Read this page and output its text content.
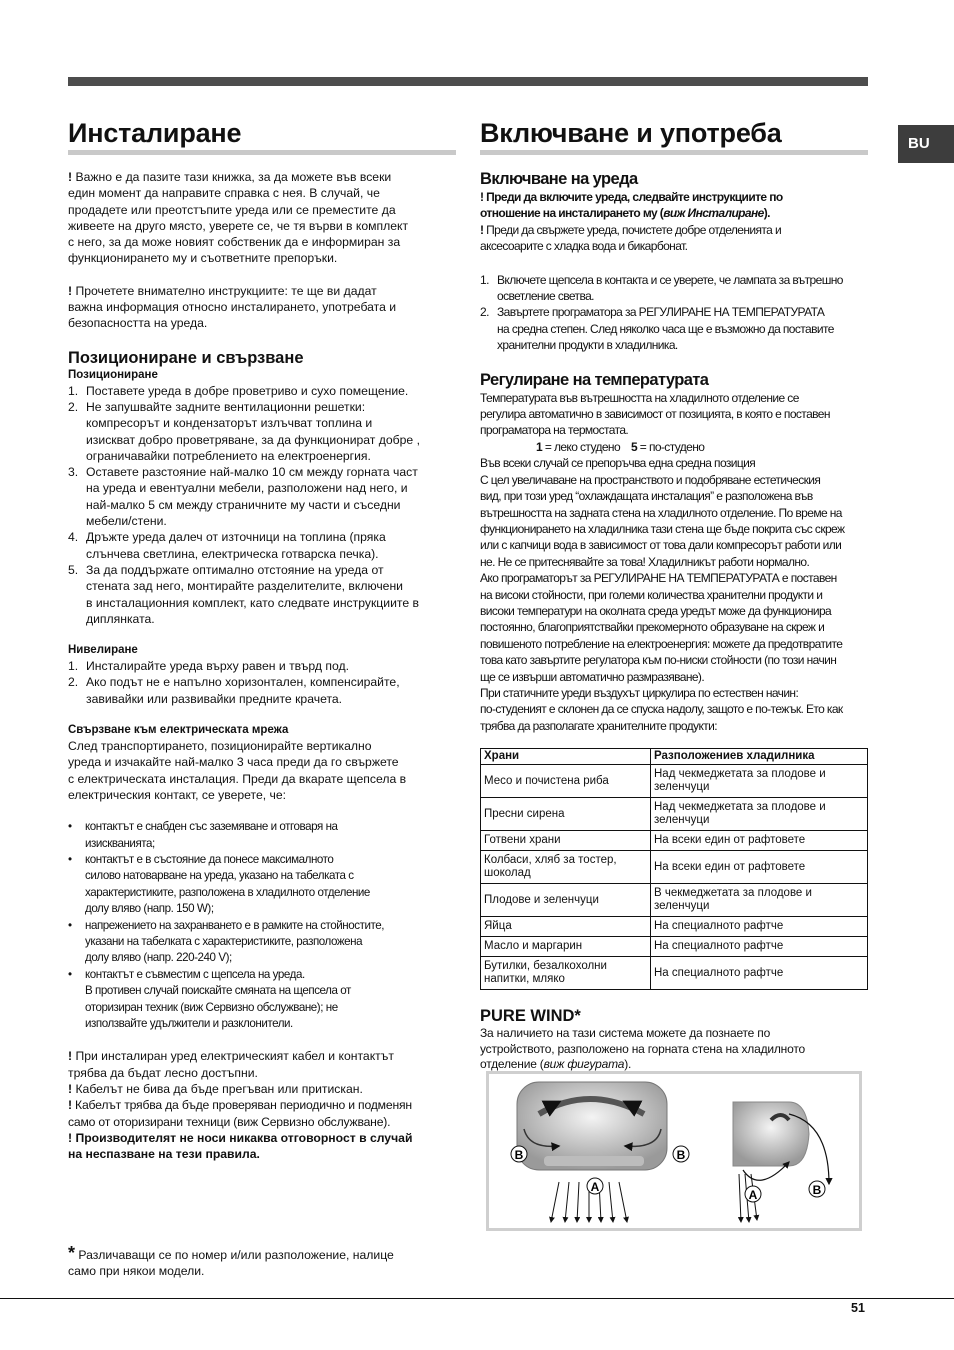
BU
Инсталиране

! Важно е да пазите тази книжка, за да можете във всеки
един момент да направите справка с нея. В случай, че
продадете или преотстъпите уреда или се преместите да
живеете на друго място, уверете се, че тя върви в комплект
с него, за да може новият собственик да е информиран за
функционирането му и съответните препоръки.

! Прочетете внимателно инструкциите: те ще ви дадат
важна информация относно инсталирането, употребата и
безопасността на уреда.

Позициониране и свързване
Позициониране
1. Поставете уреда в добре проветриво и сухо помещение.
2. Не запушвайте задните вентилационни решетки:
компресорът и кондензаторът излъчват топлина и
изискват добро проветряване, за да функционират добре ,
ограничавайки потреблението на електроенергия.
3. Оставете разстояние най-малко 10 см между горната част
на уреда и евентуални мебели, разположени над него, и
най-малко 5 см между страничните му части и съседни
мебели/стени.
4. Дръжте уреда далеч от източници на топлина (пряка
слънчева светлина, електрическа готварска печка).
5. За да поддържате оптимално отстояние на уреда от
стената зад него, монтирайте разделителите, включени
в инсталационния комплект, като следвате инструкциите в
диплянката.
Нивелиране
1. Инсталирайте уреда върху равен и твърд под.
2. Ако подът не е напълно хоризонтален, компенсирайте,
завивайки или развивайки предните крачета.
Свързване към електрическата мрежа

След транспортирането, позиционирайте вертикално
уреда и изчакайте най-малко 3 часа преди да го свържете
с електрическата инсталация. Преди да вкарате щепсела в
електрическия контакт, се уверете, че:

• контактът е снабден със заземяване и отговаря на
изискванията;
• контактът е в състояние да понесе максималното
силово натоварване на уреда, указано на табелката с
характеристиките, разположена в хладилното отделение
долу вляво (напр. 150 W);
• напрежението на захранването е в рамките на стойностите,
указани на табелката с характеристиките, разположена
долу вляво (напр. 220-240 V);
• контактът е съвместим с щепсела на уреда.
В противен случай поискайте смяната на щепсела от
оторизиран техник (виж Сервизно обслужване); не
използвайте удължители и разклонители.

! При инсталиран уред електрическият кабел и контактът
трябва да бъдат лесно достъпни.

! Кабелът не бива да бъде прегъван или притискан.

! Кабелът трябва да бъде проверяван периодично и подменян
само от оторизирани техници (виж Сервизно обслужване).

! Производителят не носи никаква отговорност в случай
на неспазване на тези правила.

* Различаващи се по номер и/или разположение, налице
само при някои модели.
Включване и употреба
Включване на уреда

! Преди да включите уреда, следвайте инструкциите по
отношение на инсталирането му (виж Инсталиране).

! Преди да свържете уреда, почистете добре отделенията и
аксесоарите с хладка вода и бикарбонат.

1. Включете щепсела в контакта и се уверете, че лампата за вътрешно
осветление светва.
2. Завъртете програматора за РЕГУЛИРАНЕ НА ТЕМПЕРАТУРАТА
на средна степен. След няколко часа ще е възможно да поставите
хранителни продукти в хладилника.
Регулиране на температурата

Температурата във вътрешността на хладилното отделение се
регулира автоматично в зависимост от позицията, в която е поставен
програматора на термостата.

1 = леко студено 5 = по-студено

Във всеки случай се препоръчва една средна позиция
С цел увеличаване на пространството и подобряване естетическия
вид, при този уред “охлаждащата инсталация” е разположена във
вътрешността на задната стена на хладилното отделение. По време на
функционирането на хладилника тази стена ще бъде покрита със скреж
или с капчици вода в зависимост от това дали компресорът работи или
не. Не се притеснявайте за това! Хладилникът работи нормално.
Ако програматорът за РЕГУЛИРАНЕ НА ТЕМПЕРАТУРАТА е поставен
на високи стойности, при големи количества хранителни продукти и
високи температури на околната среда уредът може да функционира
постоянно, благоприятствайки прекомерното образуване на скреж и
повишеното потребление на електроенергия: можете да предотвратите
това като завъртите регулатора към по-ниски стойности (по този начин
ще се извърши автоматично размразяване).
При статичните уреди въздухът циркулира по естествен начин:
по-студеният е склонен да се спуска надолу, защото е по-тежък. Ето как
трябва да разполагате хранителните продукти:

Храни	Разположениев хладилника
Месо и почистена риба	Над чекмеджетата за плодове и зеленчуци
Пресни сирена	Над чекмеджетата за плодове и зеленчуци
Готвени храни	На всеки един от рафтовете
Колбаси, хляб за тостер, шоколад	На всеки един от рафтовете
Плодове и зеленчуци	В чекмеджетата за плодове и зеленчуци
Яйца	На специалното рафтче
Масло и маргарин	На специалното рафтче
Бутилки, безалкохолни напитки, мляко	На специалното рафтче
PURE WIND*

За наличието на тази система можете да познаете по
устройството, разположено на горната стена на хладилното
отделение (виж фигурата).

B	B
A
A	B
51
